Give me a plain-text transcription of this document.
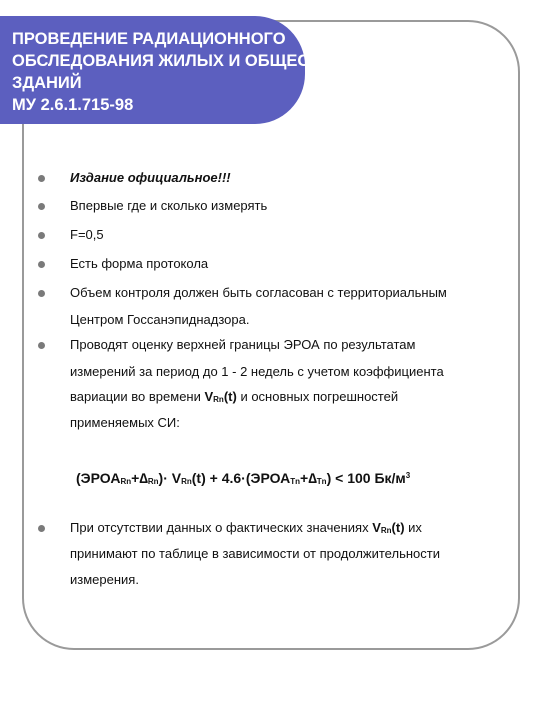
ПРОВЕДЕНИЕ РАДИАЦИОННОГО
ОБСЛЕДОВАНИЯ ЖИЛЫХ И ОБЩЕСТВЕННЫХ
ЗДАНИЙ
МУ 2.6.1.715-98
Издание официальное!!!
Впервые где и сколько измерять
F=0,5
Есть форма протокола
Объем контроля должен быть согласован с территориальным
Центром Госсанэпиднадзора.
Проводят оценку верхней границы ЭРОА по результатам
измерений за период до 1 - 2 недель с учетом коэффициента
вариации во времени $V_{Rn}(t)$ и основных погрешностей
применяемых СИ:
$(ЭРОА_{Rn}+\Delta_{Rn})\cdot V_{Rn}(t)$ + $4.6\cdot(ЭРОА_{Tn}+\Delta_{Tn}) < 100$ $Бк/м^3$
При отсутствии данных о фактических значениях $V_{Rn}(t)$ их
принимают по таблице в зависимости от продолжительности
измерения.
